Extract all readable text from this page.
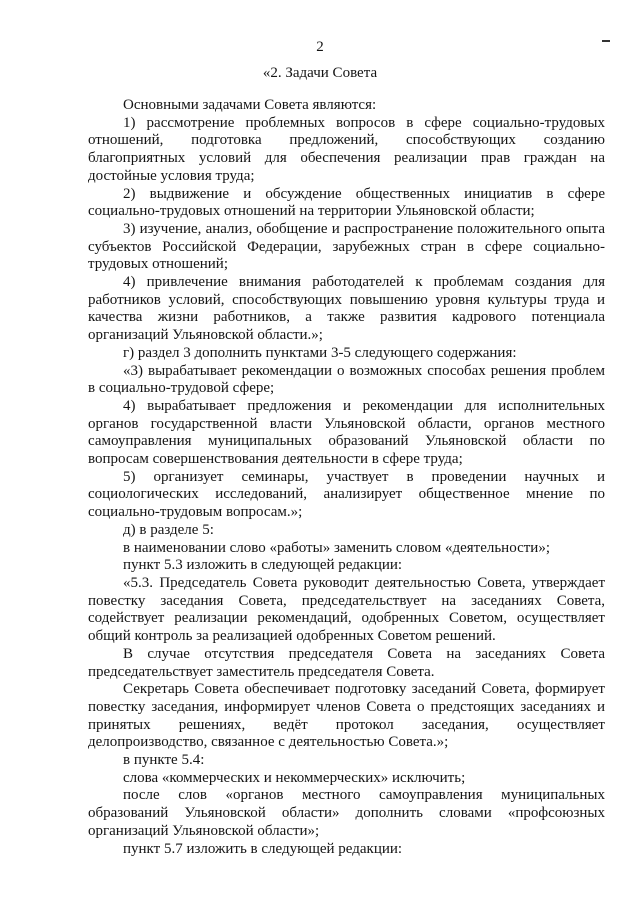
2
«2. Задачи Совета

Основными задачами Совета являются:

1) рассмотрение проблемных вопросов в сфере социально-трудовых отношений, подготовка предложений, способствующих созданию благоприятных условий для обеспечения реализации прав граждан на достойные условия труда;

2) выдвижение и обсуждение общественных инициатив в сфере социально-трудовых отношений на территории Ульяновской области;

3) изучение, анализ, обобщение и распространение положительного опыта субъектов Российской Федерации, зарубежных стран в сфере социально-трудовых отношений;

4) привлечение внимания работодателей к проблемам создания для работников условий, способствующих повышению уровня культуры труда и качества жизни работников, а также развития кадрового потенциала организаций Ульяновской области.»;

г) раздел 3 дополнить пунктами 3-5 следующего содержания:

«3) вырабатывает рекомендации о возможных способах решения проблем в социально-трудовой сфере;

4) вырабатывает предложения и рекомендации для исполнительных органов государственной власти Ульяновской области, органов местного самоуправления муниципальных образований Ульяновской области по вопросам совершенствования деятельности в сфере труда;

5) организует семинары, участвует в проведении научных и социологических исследований, анализирует общественное мнение по социально-трудовым вопросам.»;

д) в разделе 5:

в наименовании слово «работы» заменить словом «деятельности»;

пункт 5.3 изложить в следующей редакции:

«5.3. Председатель Совета руководит деятельностью Совета, утверждает повестку заседания Совета, председательствует на заседаниях Совета, содействует реализации рекомендаций, одобренных Советом, осуществляет общий контроль за реализацией одобренных Советом решений.

В случае отсутствия председателя Совета на заседаниях Совета председательствует заместитель председателя Совета.

Секретарь Совета обеспечивает подготовку заседаний Совета, формирует повестку заседания, информирует членов Совета о предстоящих заседаниях и принятых решениях, ведёт протокол заседания, осуществляет делопроизводство, связанное с деятельностью Совета.»;

в пункте 5.4:

слова «коммерческих и некоммерческих» исключить;

после слов «органов местного самоуправления муниципальных образований Ульяновской области» дополнить словами «профсоюзных организаций Ульяновской области»;

пункт 5.7 изложить в следующей редакции:
